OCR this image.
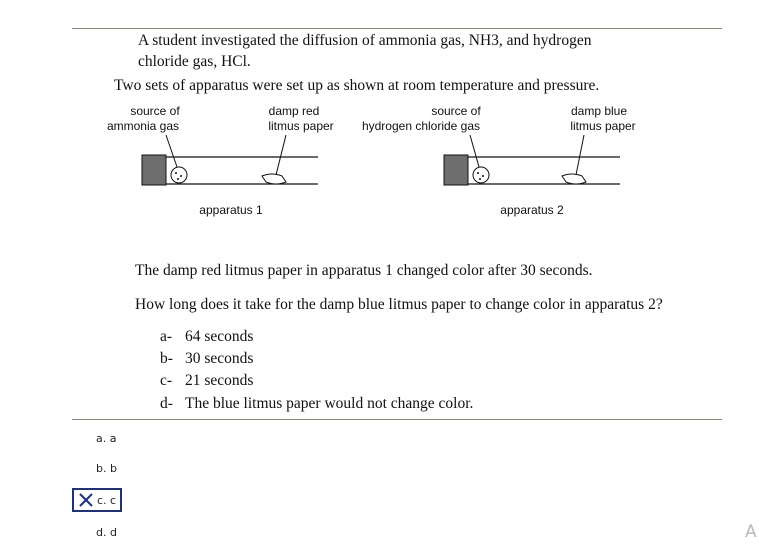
A student investigated the diffusion of ammonia gas, NH3, and hydrogen
chloride gas, HCl.
Two sets of apparatus were set up as shown at room temperature and pressure.
source of
ammonia gas
damp red
litmus paper
apparatus 1
source of
hydrogen chloride gas
damp blue
litmus paper
apparatus 2
The damp red litmus paper in apparatus 1 changed color after 30 seconds.
How long does it take for the damp blue litmus paper to change color in apparatus 2?
a- 64 seconds
b- 30 seconds
c- 21 seconds
d- The blue litmus paper would not change color.
a. a
b. b
c. c
d. d	A
